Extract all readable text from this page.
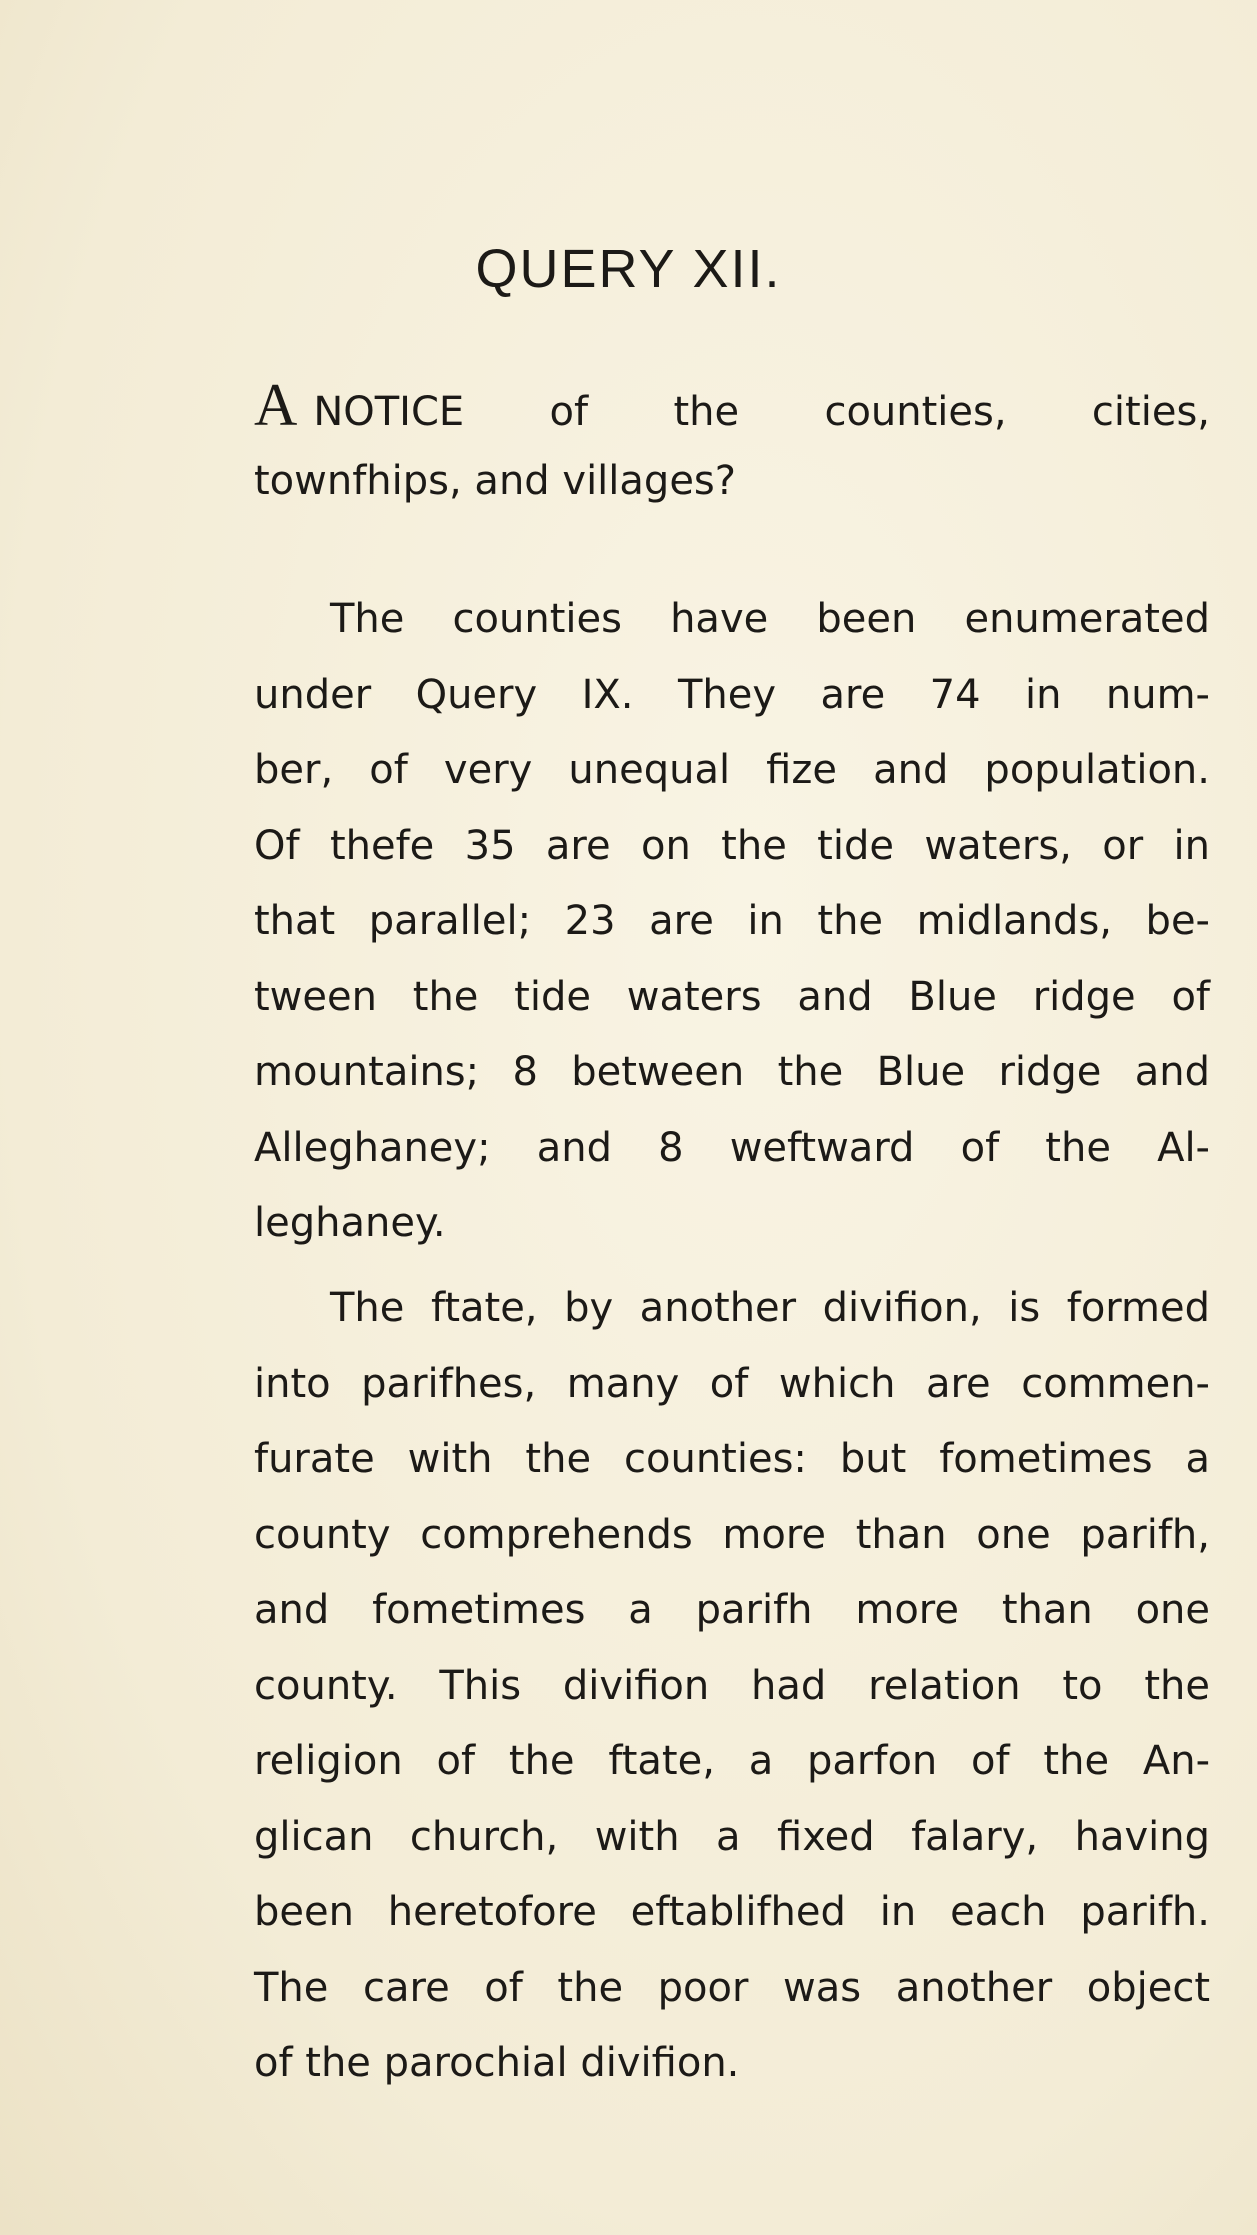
QUERY XII.
ANOTICE of the counties, cities,
townfhips, and villages?
The counties have been enumerated
under Query IX. They are 74 in num-
ber, of very unequal fize and population.
Of thefe 35 are on the tide waters, or in
that parallel; 23 are in the midlands, be-
tween the tide waters and Blue ridge of
mountains; 8 between the Blue ridge and
Alleghaney; and 8 weftward of the Al-
leghaney.
The ftate, by another divifion, is formed
into parifhes, many of which are commen-
furate with the counties: but fometimes a
county comprehends more than one parifh,
and fometimes a parifh more than one
county. This divifion had relation to the
religion of the ftate, a parfon of the An-
glican church, with a fixed falary, having
been heretofore eftablifhed in each parifh.
The care of the poor was another object
of the parochial divifion.
